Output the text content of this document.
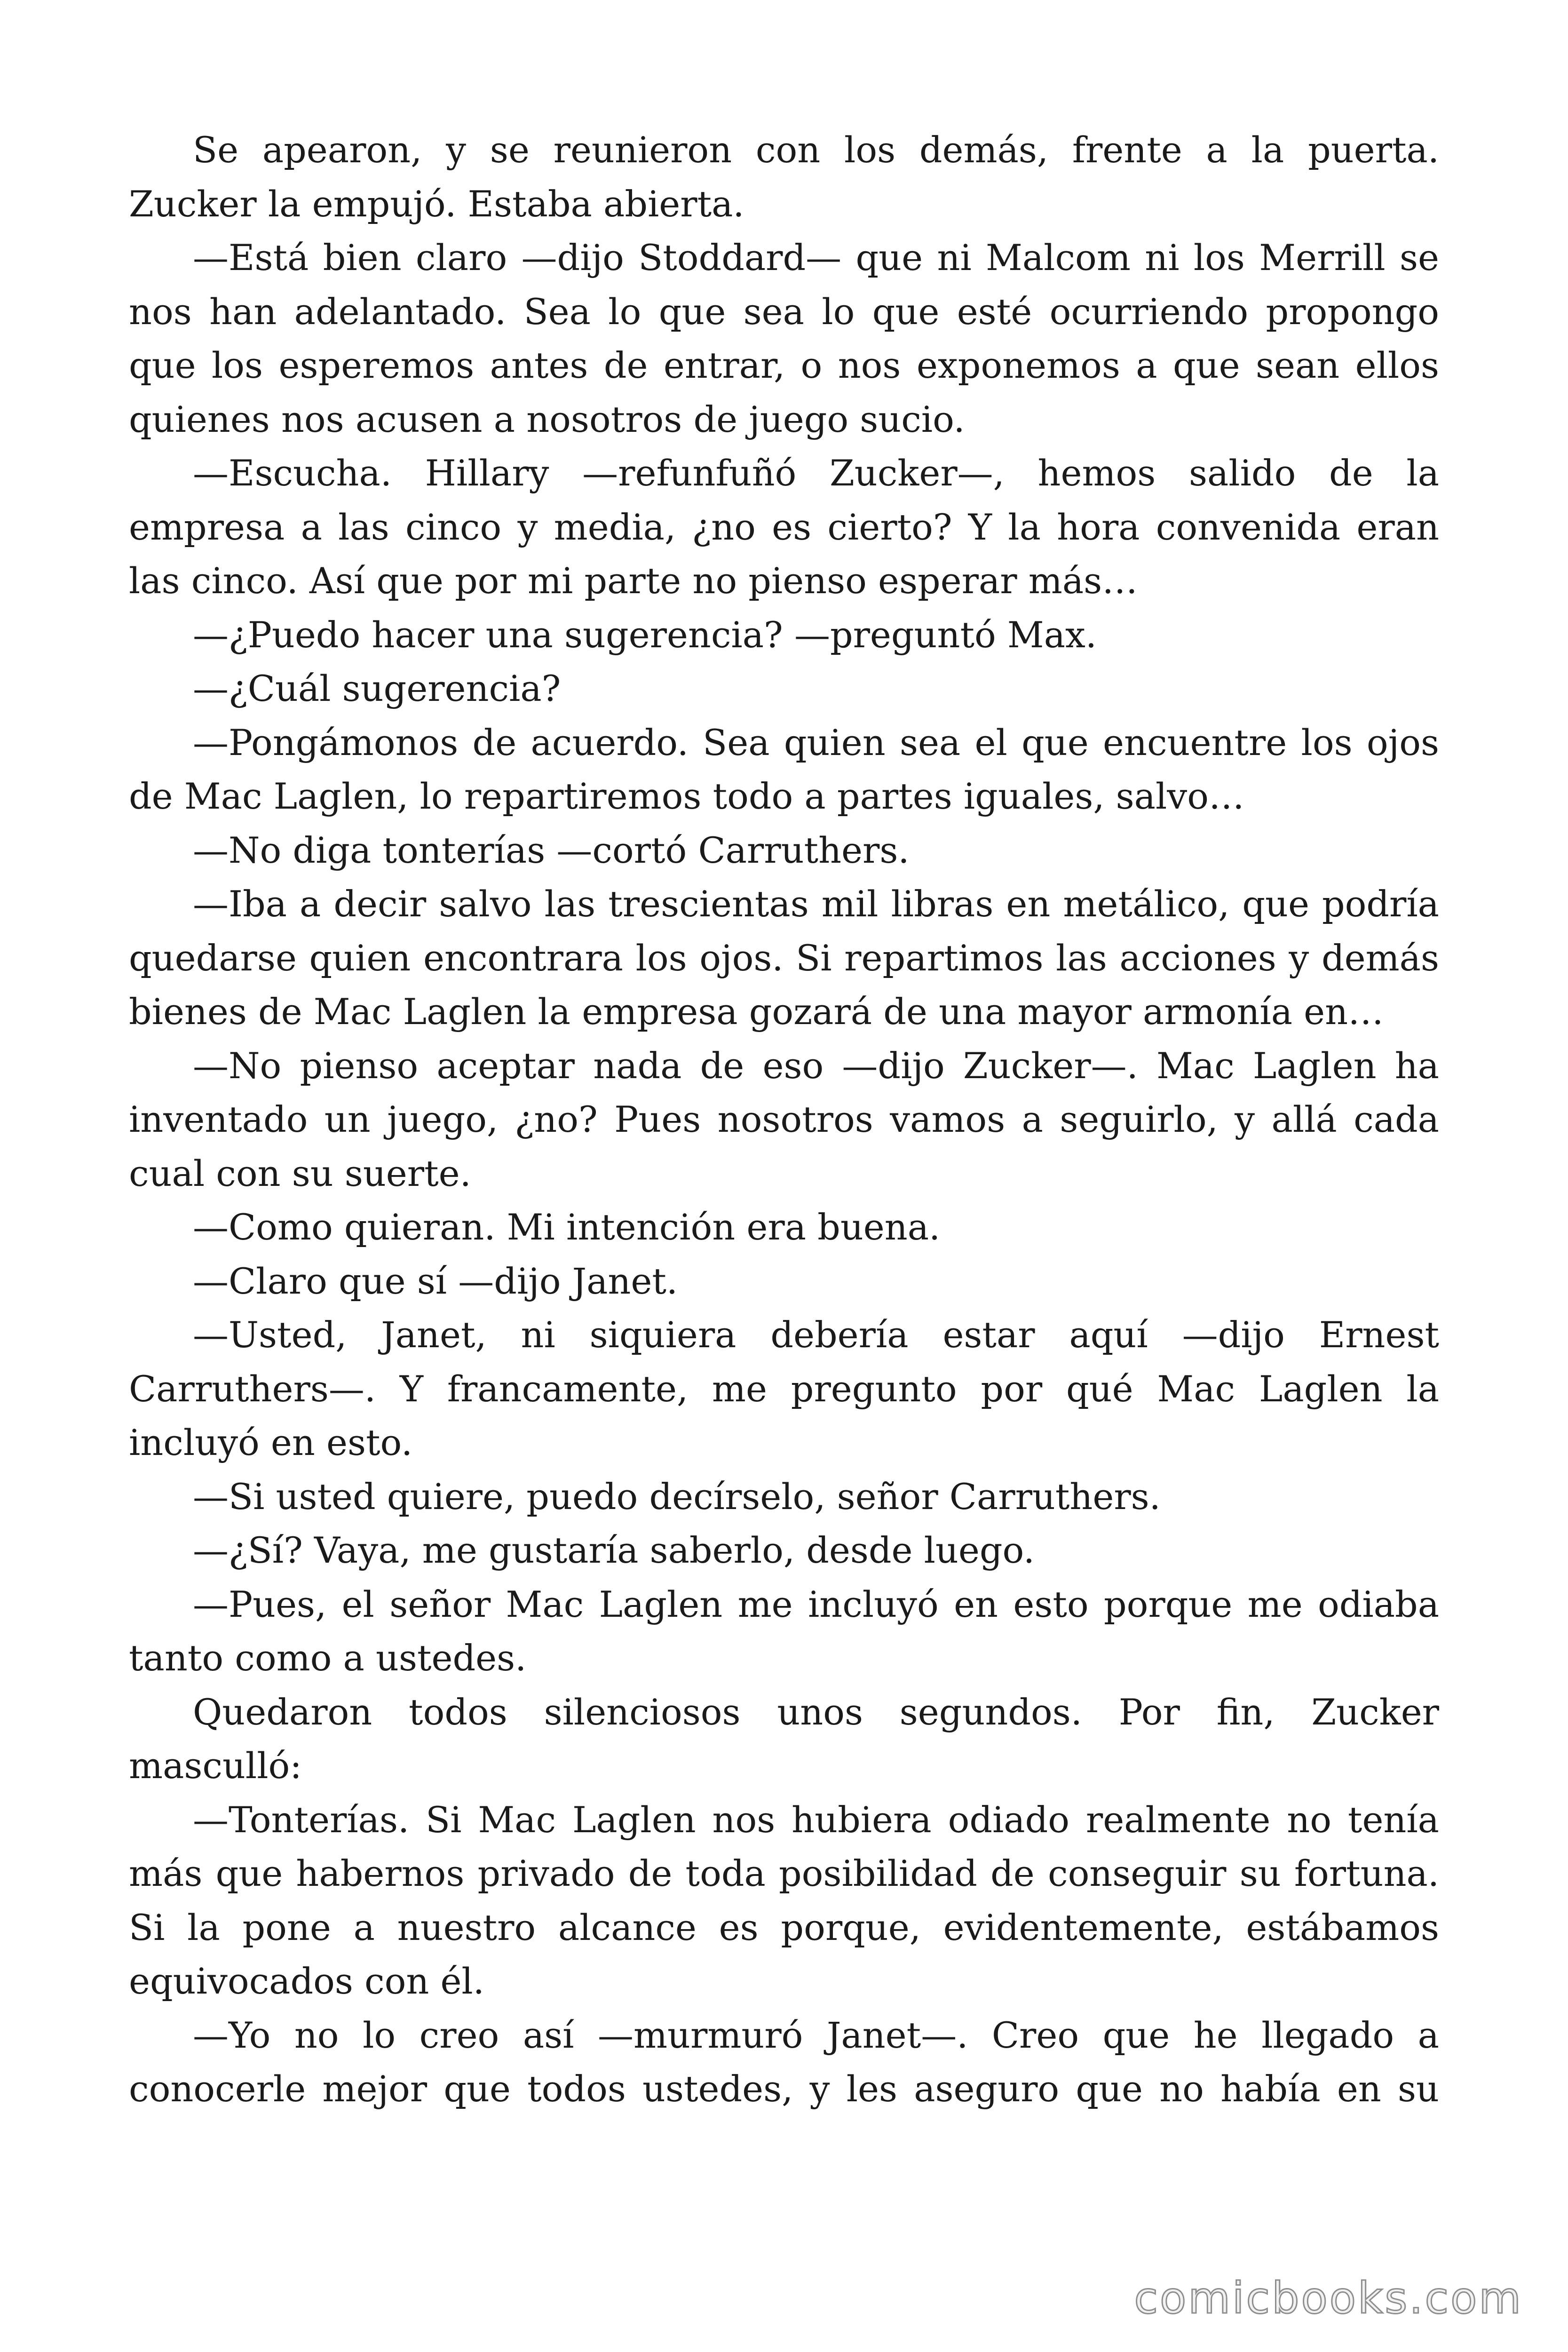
Se apearon, y se reunieron con los demás, frente a la puerta. Zucker la empujó. Estaba abierta.

—Está bien claro —dijo Stoddard— que ni Malcom ni los Merrill se nos han adelantado. Sea lo que sea lo que esté ocurriendo propongo que los esperemos antes de entrar, o nos exponemos a que sean ellos quienes nos acusen a nosotros de juego sucio.

—Escucha. Hillary —refunfuñó Zucker—, hemos salido de la empresa a las cinco y media, ¿no es cierto? Y la hora convenida eran las cinco. Así que por mi parte no pienso esperar más…

—¿Puedo hacer una sugerencia? —preguntó Max.

—¿Cuál sugerencia?

—Pongámonos de acuerdo. Sea quien sea el que encuentre los ojos de Mac Laglen, lo repartiremos todo a partes iguales, salvo…

—No diga tonterías —cortó Carruthers.

—Iba a decir salvo las trescientas mil libras en metálico, que podría quedarse quien encontrara los ojos. Si repartimos las acciones y demás bienes de Mac Laglen la empresa gozará de una mayor armonía en…

—No pienso aceptar nada de eso —dijo Zucker—. Mac Laglen ha inventado un juego, ¿no? Pues nosotros vamos a seguirlo, y allá cada cual con su suerte.

—Como quieran. Mi intención era buena.

—Claro que sí —dijo Janet.

—Usted, Janet, ni siquiera debería estar aquí —dijo Ernest Carruthers—. Y francamente, me pregunto por qué Mac Laglen la incluyó en esto.

—Si usted quiere, puedo decírselo, señor Carruthers.

—¿Sí? Vaya, me gustaría saberlo, desde luego.

—Pues, el señor Mac Laglen me incluyó en esto porque me odiaba tanto como a ustedes.

Quedaron todos silenciosos unos segundos. Por fin, Zucker masculló:

—Tonterías. Si Mac Laglen nos hubiera odiado realmente no tenía más que habernos privado de toda posibilidad de conseguir su fortuna. Si la pone a nuestro alcance es porque, evidentemente, estábamos equivocados con él.

—Yo no lo creo así —murmuró Janet—. Creo que he llegado a conocerle mejor que todos ustedes, y les aseguro que no había en su

comicbooks.com
